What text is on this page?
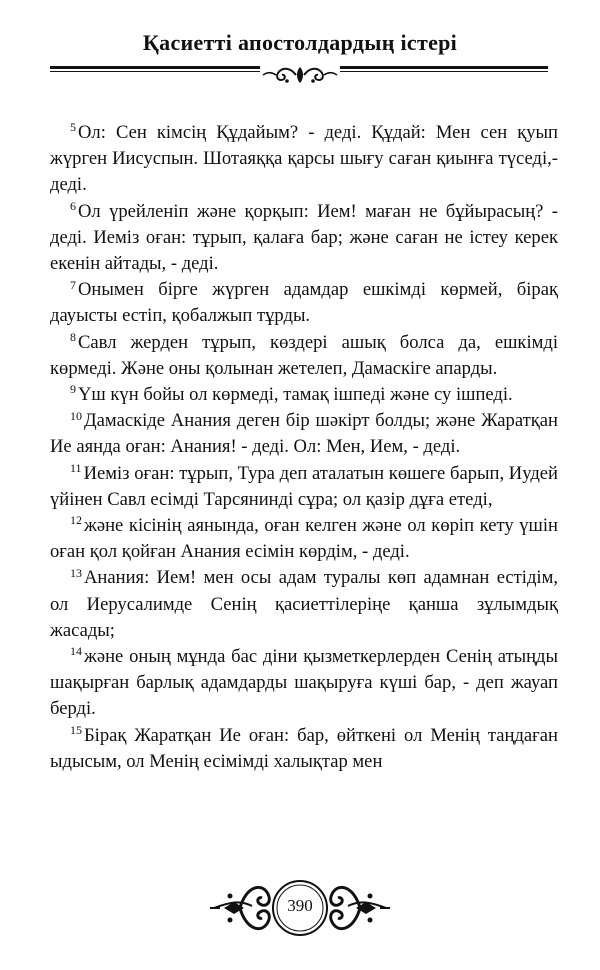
Қасиетті апостолдардың істері

$^5$ Ол: Сен кімсің Құдайым? - деді. Құдай: Мен сен қуып жүрген Иисуспын. Шотаяққа қарсы шығу саған қиынға түседі,- деді.

$^6$ Ол үрейленіп және қорқып: Ием! маған не бұйырасың? - деді. Иеміз оған: тұрып, қалаға бар; және саған не істеу керек екенін айтады, - деді.

$^7$ Онымен бірге жүрген адамдар ешкімді көрмей, бірақ дауысты естіп, қобалжып тұрды.

$^8$ Савл жерден тұрып, көздері ашық болса да, ешкімді көрмеді. Және оны қолынан жетелеп, Дамаскіге апарды.

$^9$ Үш күн бойы ол көрмеді, тамақ ішпеді және су ішпеді.

$^{10}$ Дамаскіде Анания деген бір шәкірт болды; және Жаратқан Ие аянда оған: Анания! - деді. Ол: Мен, Ием, - деді.

$^{11}$ Иеміз оған: тұрып, Тура деп аталатын көшеге барып, Иудей үйінен Савл есімді Тарсянинді сұра; ол қазір дұға етеді,

$^{12}$ және кісінің аянында, оған келген және ол көріп кету үшін оған қол қойған Анания есімін көрдім, - деді.

$^{13}$ Анания: Ием! мен осы адам туралы көп адамнан естідім, ол Иерусалимде Сенің қасиеттілеріңе қанша зұлымдық жасады;

$^{14}$ және оның мұнда бас діни қызметкерлерден Сенің атыңды шақырған барлық адамдарды шақыруға күші бар, - деп жауап берді.

$^{15}$ Бірақ Жаратқан Ие оған: бар, өйткені ол Менің таңдаған ыдысым, ол Менің есімімді халықтар мен

390
